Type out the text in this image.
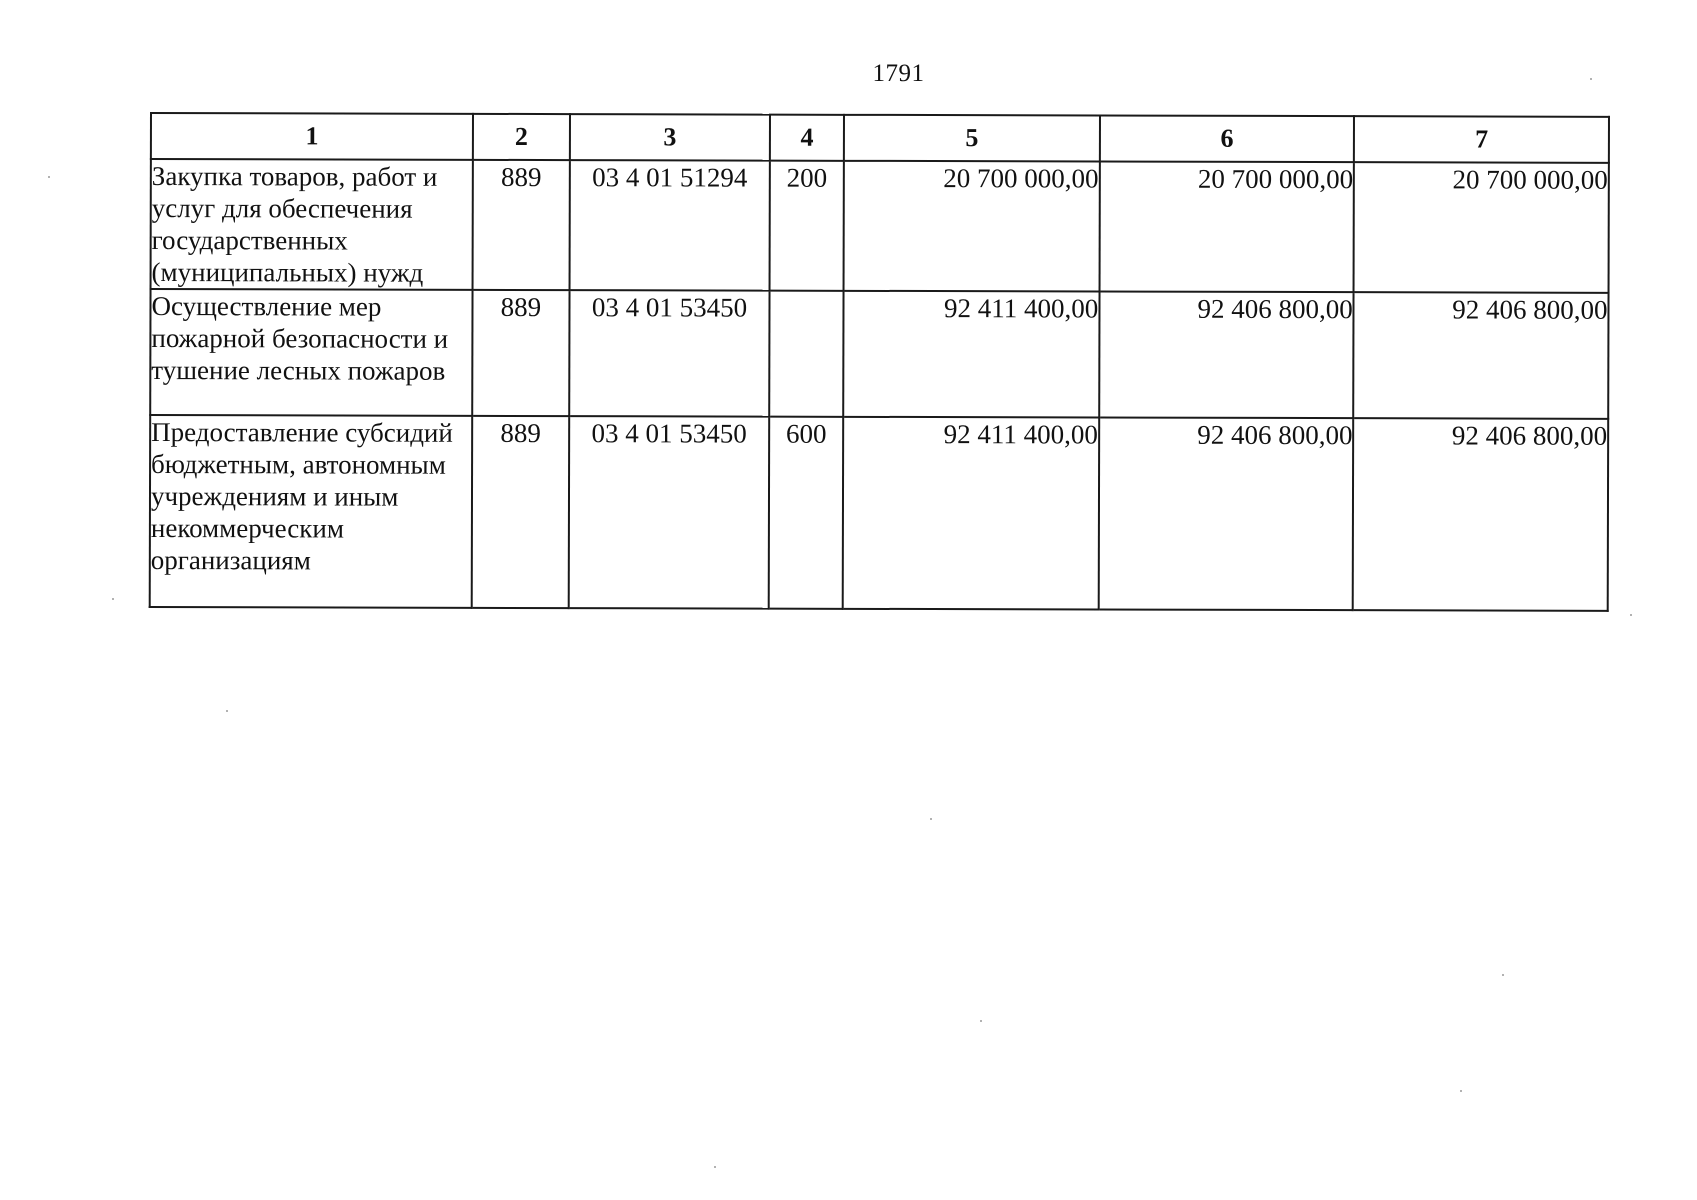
1791
1	2	3	4	5	6	7
Закупка товаров, работ и услуг для обеспечения государственных (муниципальных) нужд	889	03 4 01 51294	200	20 700 000,00	20 700 000,00	20 700 000,00
Осуществление мер пожарной безопасности и тушение лесных пожаров	889	03 4 01 53450		92 411 400,00	92 406 800,00	92 406 800,00
Предоставление субсидий бюджетным, автономным учреждениям и иным некоммерческим организациям	889	03 4 01 53450	600	92 411 400,00	92 406 800,00	92 406 800,00
